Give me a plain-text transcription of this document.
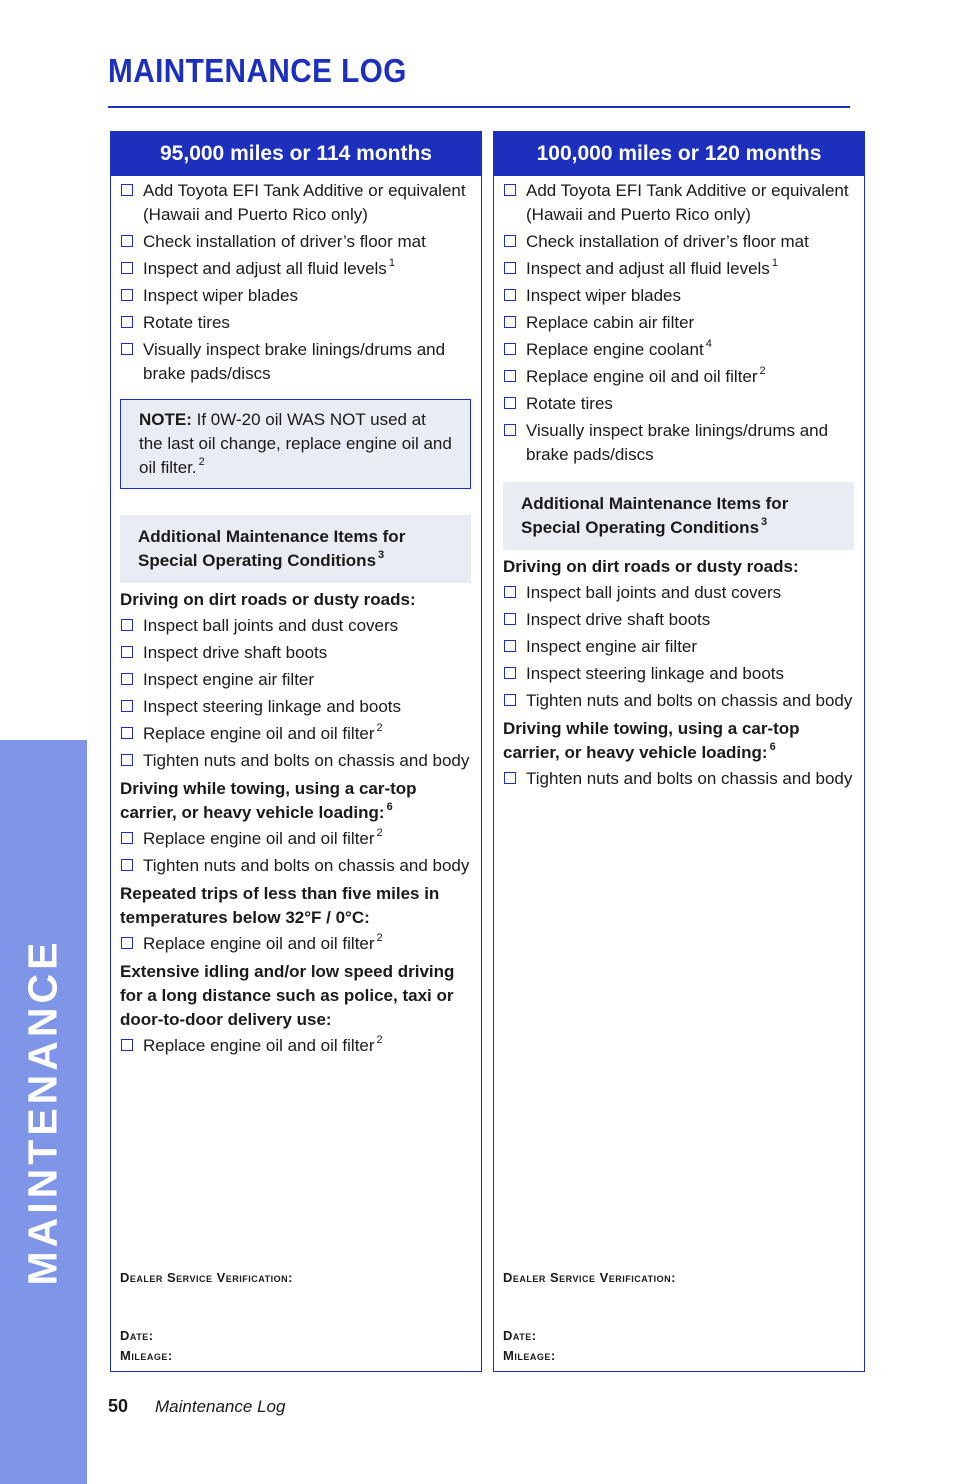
MAINTENANCE
MAINTENANCE LOG
95,000 miles or 114 months
Add Toyota EFI Tank Additive or equivalent (Hawaii and Puerto Rico only)
Check installation of driver’s floor mat
Inspect and adjust all fluid levels $^1$
Inspect wiper blades
Rotate tires
Visually inspect brake linings/drums and brake pads/discs
NOTE: If 0W-20 oil WAS NOT used at the last oil change, replace engine oil and oil filter. $^2$
Additional Maintenance Items for Special Operating Conditions $^3$
Driving on dirt roads or dusty roads:
Inspect ball joints and dust covers
Inspect drive shaft boots
Inspect engine air filter
Inspect steering linkage and boots
Replace engine oil and oil filter $^2$
Tighten nuts and bolts on chassis and body
Driving while towing, using a car-top carrier, or heavy vehicle loading: $^6$
Replace engine oil and oil filter $^2$
Tighten nuts and bolts on chassis and body
Repeated trips of less than five miles in temperatures below 32°F / 0°C:
Replace engine oil and oil filter $^2$
Extensive idling and/or low speed driving for a long distance such as police, taxi or door-to-door delivery use:
Replace engine oil and oil filter $^2$
Dealer Service Verification:
Date:
Mileage:
100,000 miles or 120 months
Add Toyota EFI Tank Additive or equivalent (Hawaii and Puerto Rico only)
Check installation of driver’s floor mat
Inspect and adjust all fluid levels $^1$
Inspect wiper blades
Replace cabin air filter
Replace engine coolant $^4$
Replace engine oil and oil filter $^2$
Rotate tires
Visually inspect brake linings/drums and brake pads/discs
Additional Maintenance Items for Special Operating Conditions $^3$
Driving on dirt roads or dusty roads:
Inspect ball joints and dust covers
Inspect drive shaft boots
Inspect engine air filter
Inspect steering linkage and boots
Tighten nuts and bolts on chassis and body
Driving while towing, using a car-top carrier, or heavy vehicle loading: $^6$
Tighten nuts and bolts on chassis and body
Dealer Service Verification:
Date:
Mileage:
50 Maintenance Log
